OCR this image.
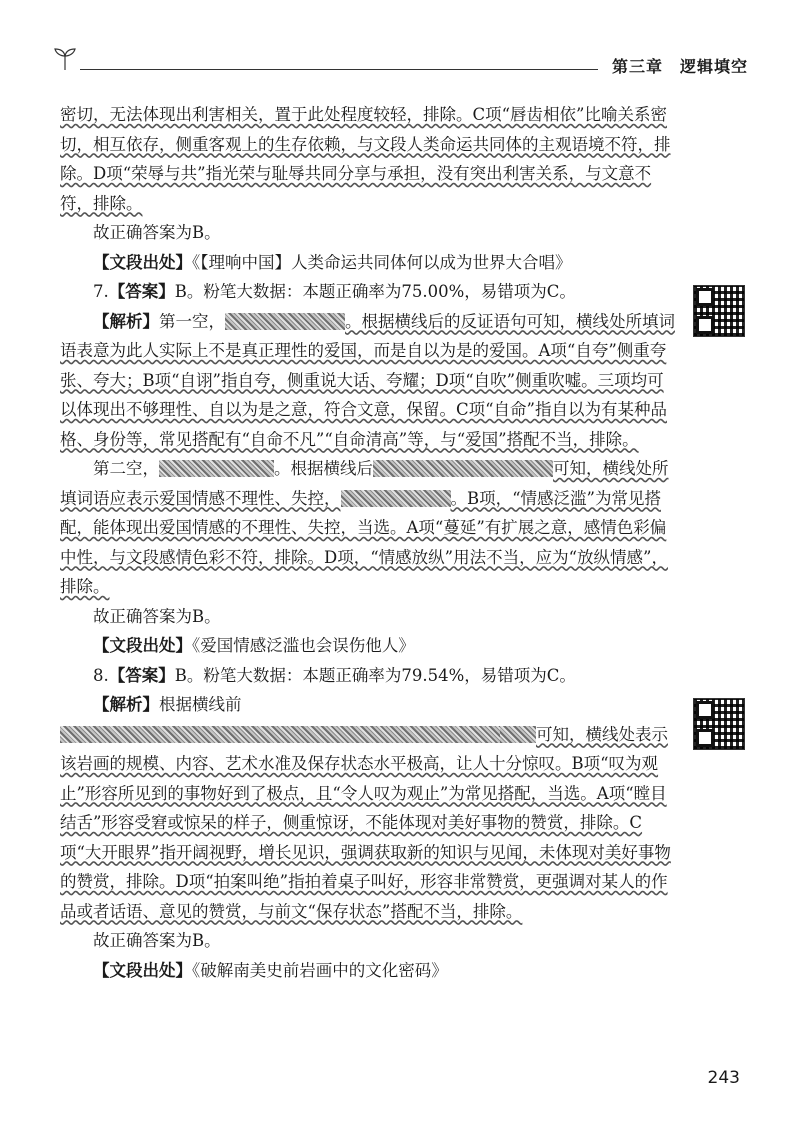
第三章　逻辑填空

密切，无法体现出利害相关，置于此处程度较轻，排除。C项“唇齿相依”比喻关系密切，相互依存，侧重客观上的生存依赖，与文段人类命运共同体的主观语境不符，排除。D项“荣辱与共”指光荣与耻辱共同分享与承担，没有突出利害关系，与文意不符，排除。

故正确答案为B。

【文段出处】《【理响中国】人类命运共同体何以成为世界大合唱》

7.【答案】B。粉笔大数据：本题正确率为75.00%，易错项为C。

【解析】第一空，	。根据横线后的反证语句可知，横线处所填词语表意为此人实际上不是真正理性的爱国，而是自以为是的爱国。A项“自夸”侧重夸张、夸大；B项“自诩”指自夸，侧重说大话、夸耀；D项“自吹”侧重吹嘘。三项均可以体现出不够理性、自以为是之意，符合文意，保留。C项“自命”指自以为有某种品格、身份等，常见搭配有“自命不凡”“自命清高”等，与“爱国”搭配不当，排除。

第二空，	。根据横线后	可知，横线处所填词语应表示爱国情感不理性、失控，	。B项，“情感泛滥”为常见搭配，能体现出爱国情感的不理性、失控，当选。A项“蔓延”有扩展之意，感情色彩偏中性，与文段感情色彩不符，排除。D项，“情感放纵”用法不当，应为“放纵情感”，排除。

故正确答案为B。

【文段出处】《爱国情感泛滥也会误伤他人》

8.【答案】B。粉笔大数据：本题正确率为79.54%，易错项为C。

【解析】根据横线前可知，横线处表示该岩画的规模、内容、艺术水准及保存状态水平极高，让人十分惊叹。B项“叹为观止”形容所见到的事物好到了极点，且“令人叹为观止”为常见搭配，当选。A项“瞠目结舌”形容受窘或惊呆的样子，侧重惊讶，不能体现对美好事物的赞赏，排除。C项“大开眼界”指开阔视野，增长见识，强调获取新的知识与见闻，未体现对美好事物的赞赏，排除。D项“拍案叫绝”指拍着桌子叫好，形容非常赞赏，更强调对某人的作品或者话语、意见的赞赏，与前文“保存状态”搭配不当，排除。

故正确答案为B。

【文段出处】《破解南美史前岩画中的文化密码》

243
